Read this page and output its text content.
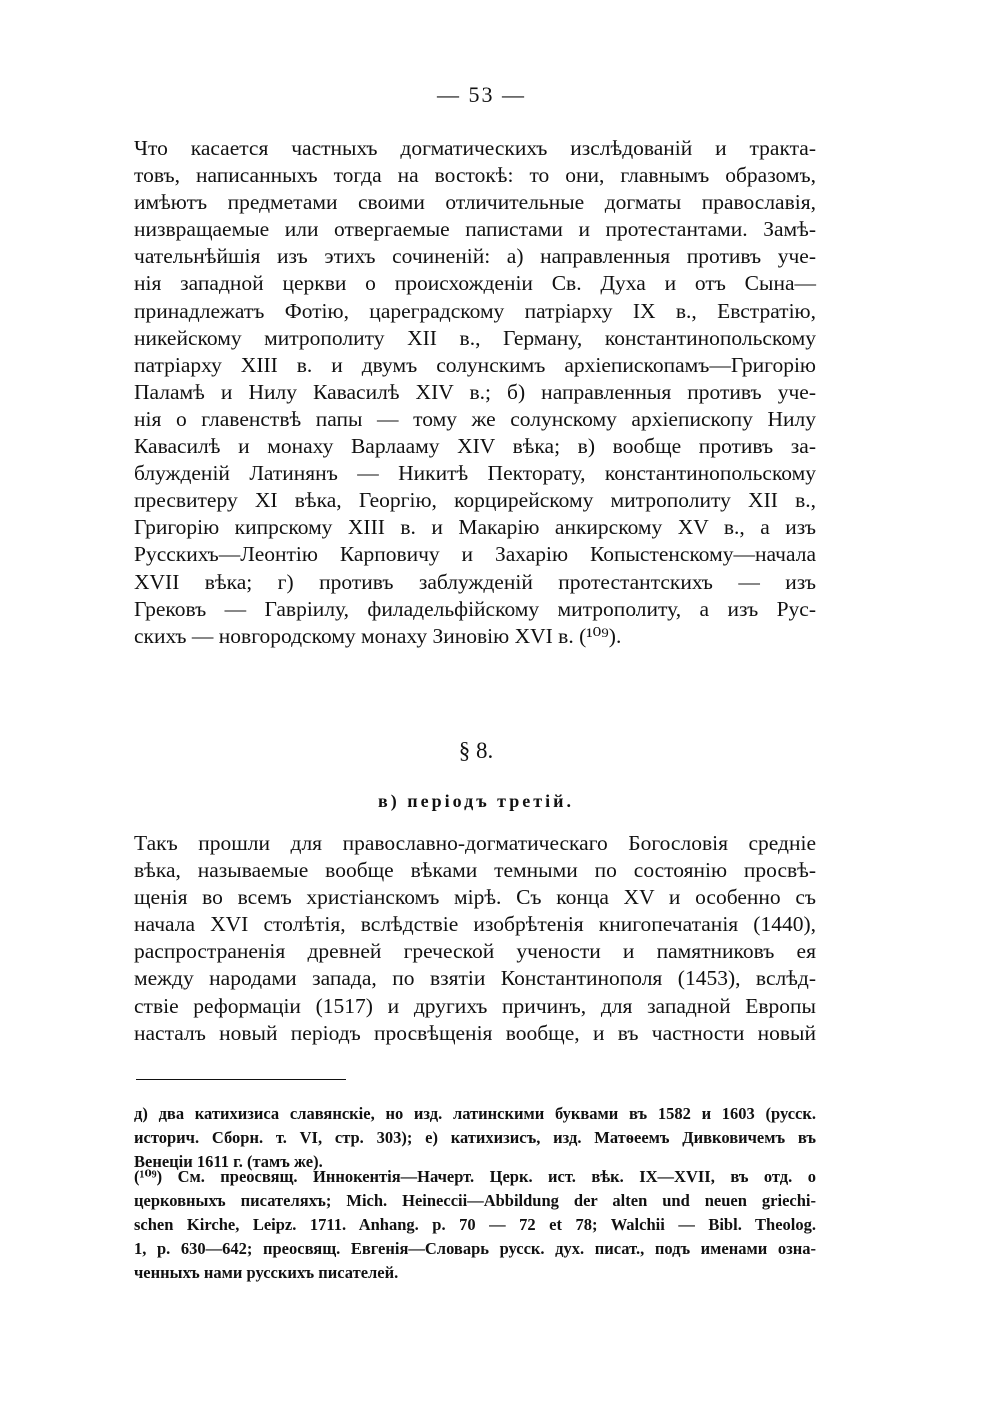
— 53 —
Что касается частныхъ догматическихъ изслѣдованій и тракта-
товъ, написанныхъ тогда на востокѣ: то они, главнымъ образомъ,
имѣютъ предметами своими отличительные догматы православія,
низвращаемые или отвергаемые папистами и протестантами. Замѣ-
чательнѣйшія изъ этихъ сочиненій: а) направленныя противъ уче-
нія западной церкви о происхожденіи Св. Духа и отъ Сына—
принадлежатъ Фотію, цареградскому патріарху IX в., Евстратію,
никейскому митрополиту XII в., Герману, константинопольскому
патріарху XIII в. и двумъ солунскимъ архіепископамъ—Григорію
Паламѣ и Нилу Кавасилѣ XIV в.; б) направленныя противъ уче-
нія о главенствѣ папы — тому же солунскому архіепископу Нилу
Кавасилѣ и монаху Варлааму XIV вѣка; в) вообще противъ за-
блужденій Латинянъ — Никитѣ Пекторату, константинопольскому
пресвитеру XI вѣка, Георгію, корцирейскому митрополиту XII в.,
Григорію кипрскому XIII в. и Макарію анкирскому XV в., а изъ
Русскихъ—Леонтію Карповичу и Захарію Копыстенскому—начала
XVII вѣка; г) противъ заблужденій протестантскихъ — изъ
Грековъ — Гавріилу, филадельфійскому митрополиту, а изъ Рус-
скихъ — новгородскому монаху Зиновію XVI в. (¹⁰⁹).
§ 8.
в) періодъ третій.
Такъ прошли для православно-догматическаго Богословія средніе
вѣка, называемые вообще вѣками темными по состоянію просвѣ-
щенія во всемъ христіанскомъ мірѣ. Съ конца XV и особенно съ
начала XVI столѣтія, вслѣдствіе изобрѣтенія книгопечатанія (1440),
распространенія древней греческой учености и памятниковъ ея
между народами запада, по взятіи Константинополя (1453), вслѣд-
ствіе реформаціи (1517) и другихъ причинъ, для западной Европы
насталъ новый періодъ просвѣщенія вообще, и въ частности новый
д) два катихизиса славянскіе, но изд. латинскими буквами въ 1582 и 1603 (русск.
историч. Сборн. т. VI, стр. 303); е) катихизисъ, изд. Матѳеемъ Дивковичемъ въ
Венеціи 1611 г. (тамъ же).
(¹⁰⁹) См. преосвящ. Иннокентія—Начерт. Церк. ист. вѣк. IX—XVII, въ отд. о
церковныхъ писателяхъ; Mich. Heineccii—Abbildung der alten und neuen griechi-
schen Kirche, Leipz. 1711. Anhang. p. 70 — 72 et 78; Walchii — Bibl. Theolog.
1, p. 630—642; преосвящ. Евгенія—Словарь русск. дух. писат., подъ именами озна-
ченныхъ нами русскихъ писателей.
